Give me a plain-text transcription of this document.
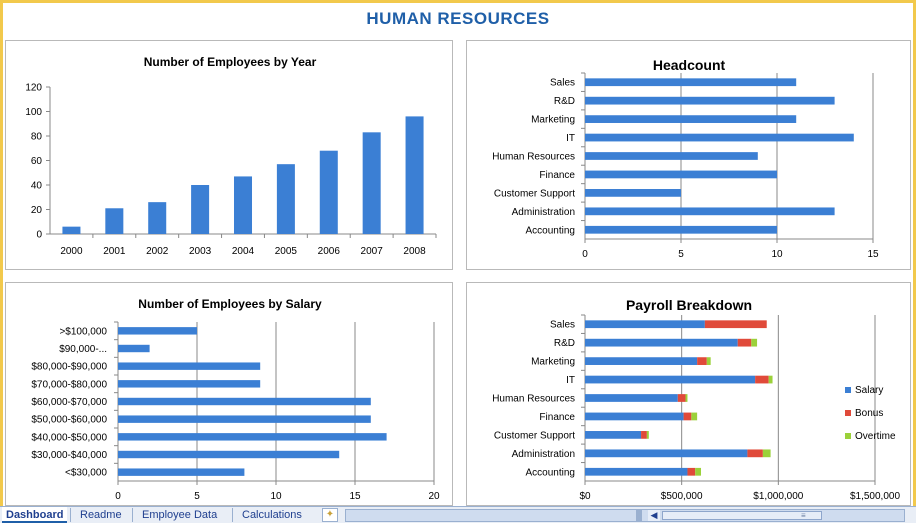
HUMAN RESOURCES
Number of Employees by Year
0
20
40
60
80
100
120
2000 2001 2002 2003 2004 2005 2006 2007 2008
Headcount
0	5	10	15
Sales
R&D
Marketing
IT
Human Resources
Finance
Customer Support
Administration
Accounting
Number of Employees by Salary
0	5	10	15	20
>$100,000
$90,000-...
$80,000-$90,000
$70,000-$80,000
$60,000-$70,000
$50,000-$60,000
$40,000-$50,000
$30,000-$40,000
<$30,000
Payroll Breakdown
$0	$500,000	$1,000,000	$1,500,000
Sales
R&D
Marketing
IT
Human Resources
Finance
Customer Support
Administration
Accounting
Salary
Bonus
Overtime
Dashboard	Readme	Employee Data	Calculations	✦	◀	≡
